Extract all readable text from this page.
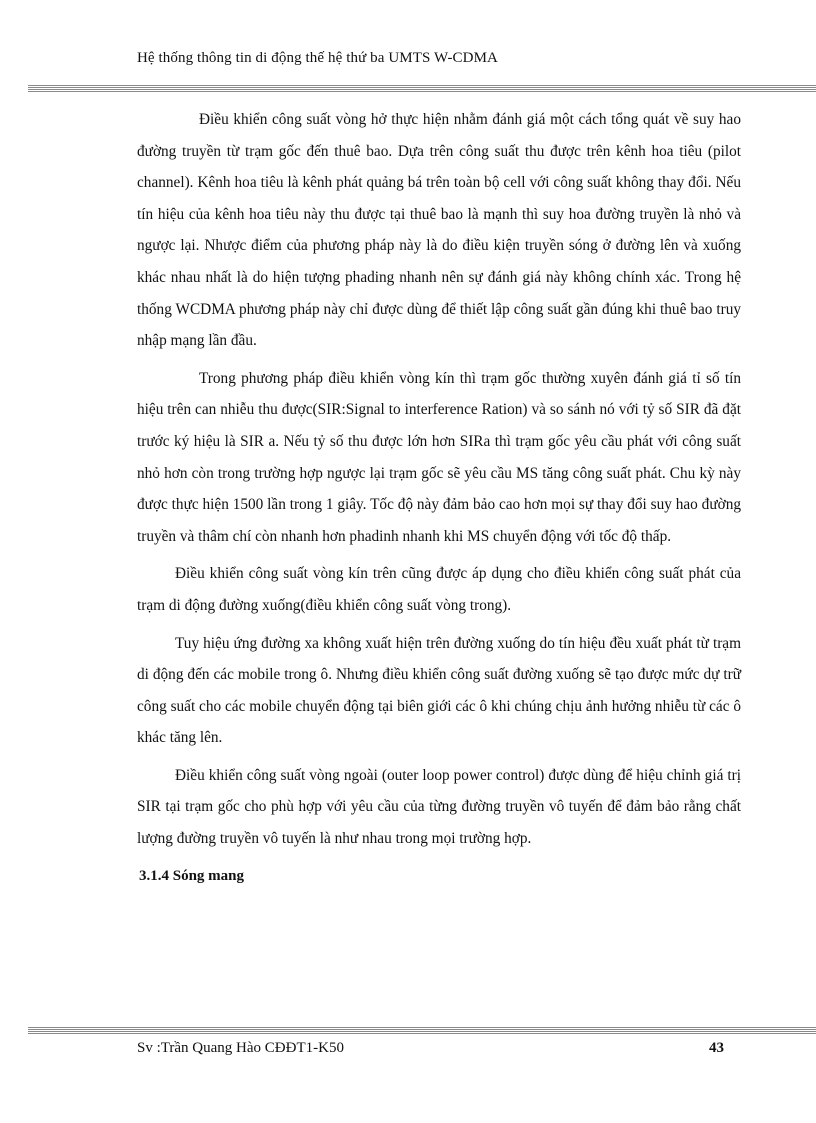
Hệ thống thông tin di động thế hệ thứ ba UMTS W-CDMA

Điều khiển công suất vòng hở thực hiện nhằm đánh giá một cách tổng quát về suy hao đường truyền từ trạm gốc đến thuê bao. Dựa trên công suất thu được trên kênh hoa tiêu (pilot channel). Kênh hoa tiêu là kênh phát quảng bá trên toàn bộ cell với công suất không thay đổi. Nếu tín hiệu của kênh hoa tiêu này thu được tại thuê bao là mạnh thì suy hoa đường truyền là nhỏ và ngược lại. Nhược điểm của phương pháp này là do điều kiện truyền sóng ở đường lên và xuống khác nhau nhất là do hiện tượng phading nhanh nên sự đánh giá này không chính xác. Trong hệ thống WCDMA phương pháp này chỉ được dùng để thiết lập công suất gần đúng khi thuê bao truy nhập mạng lần đầu.

Trong phương pháp điều khiển vòng kín thì trạm gốc thường xuyên đánh giá tỉ số tín hiệu trên can nhiễu thu được(SIR:Signal to interference Ration) và so sánh nó với tỷ số SIR đã đặt trước ký hiệu là SIR a. Nếu tỷ số thu được lớn hơn SIRa thì trạm gốc yêu cầu phát với công suất nhỏ hơn còn trong trường hợp ngược lại trạm gốc sẽ yêu cầu MS tăng công suất phát. Chu kỳ này được thực hiện 1500 lần trong 1 giây. Tốc độ này đảm bảo cao hơn mọi sự thay đổi suy hao đường truyền và thâm chí còn nhanh hơn phadinh nhanh khi MS chuyển động với tốc độ thấp.

Điều khiển công suất vòng kín trên cũng được áp dụng cho điều khiển công suất phát của trạm di động đường xuống(điều khiển công suất vòng trong).

Tuy hiệu ứng đường xa không xuất hiện trên đường xuống do tín hiệu đều xuất phát từ trạm di động đến các mobile trong ô. Nhưng điều khiển công suất đường xuống sẽ tạo được mức dự trữ công suất cho các mobile chuyển động tại biên giới các ô khi chúng chịu ảnh hưởng nhiễu từ các ô khác tăng lên.

Điều khiển công suất vòng ngoài (outer loop power control) được dùng để hiệu chỉnh giá trị SIR tại trạm gốc cho phù hợp với yêu cầu của từng đường truyền vô tuyến để đảm bảo rằng chất lượng đường truyền vô tuyến là như nhau trong mọi trường hợp.

3.1.4 Sóng mang
Sv :Trần Quang Hào CĐĐT1-K50	43
